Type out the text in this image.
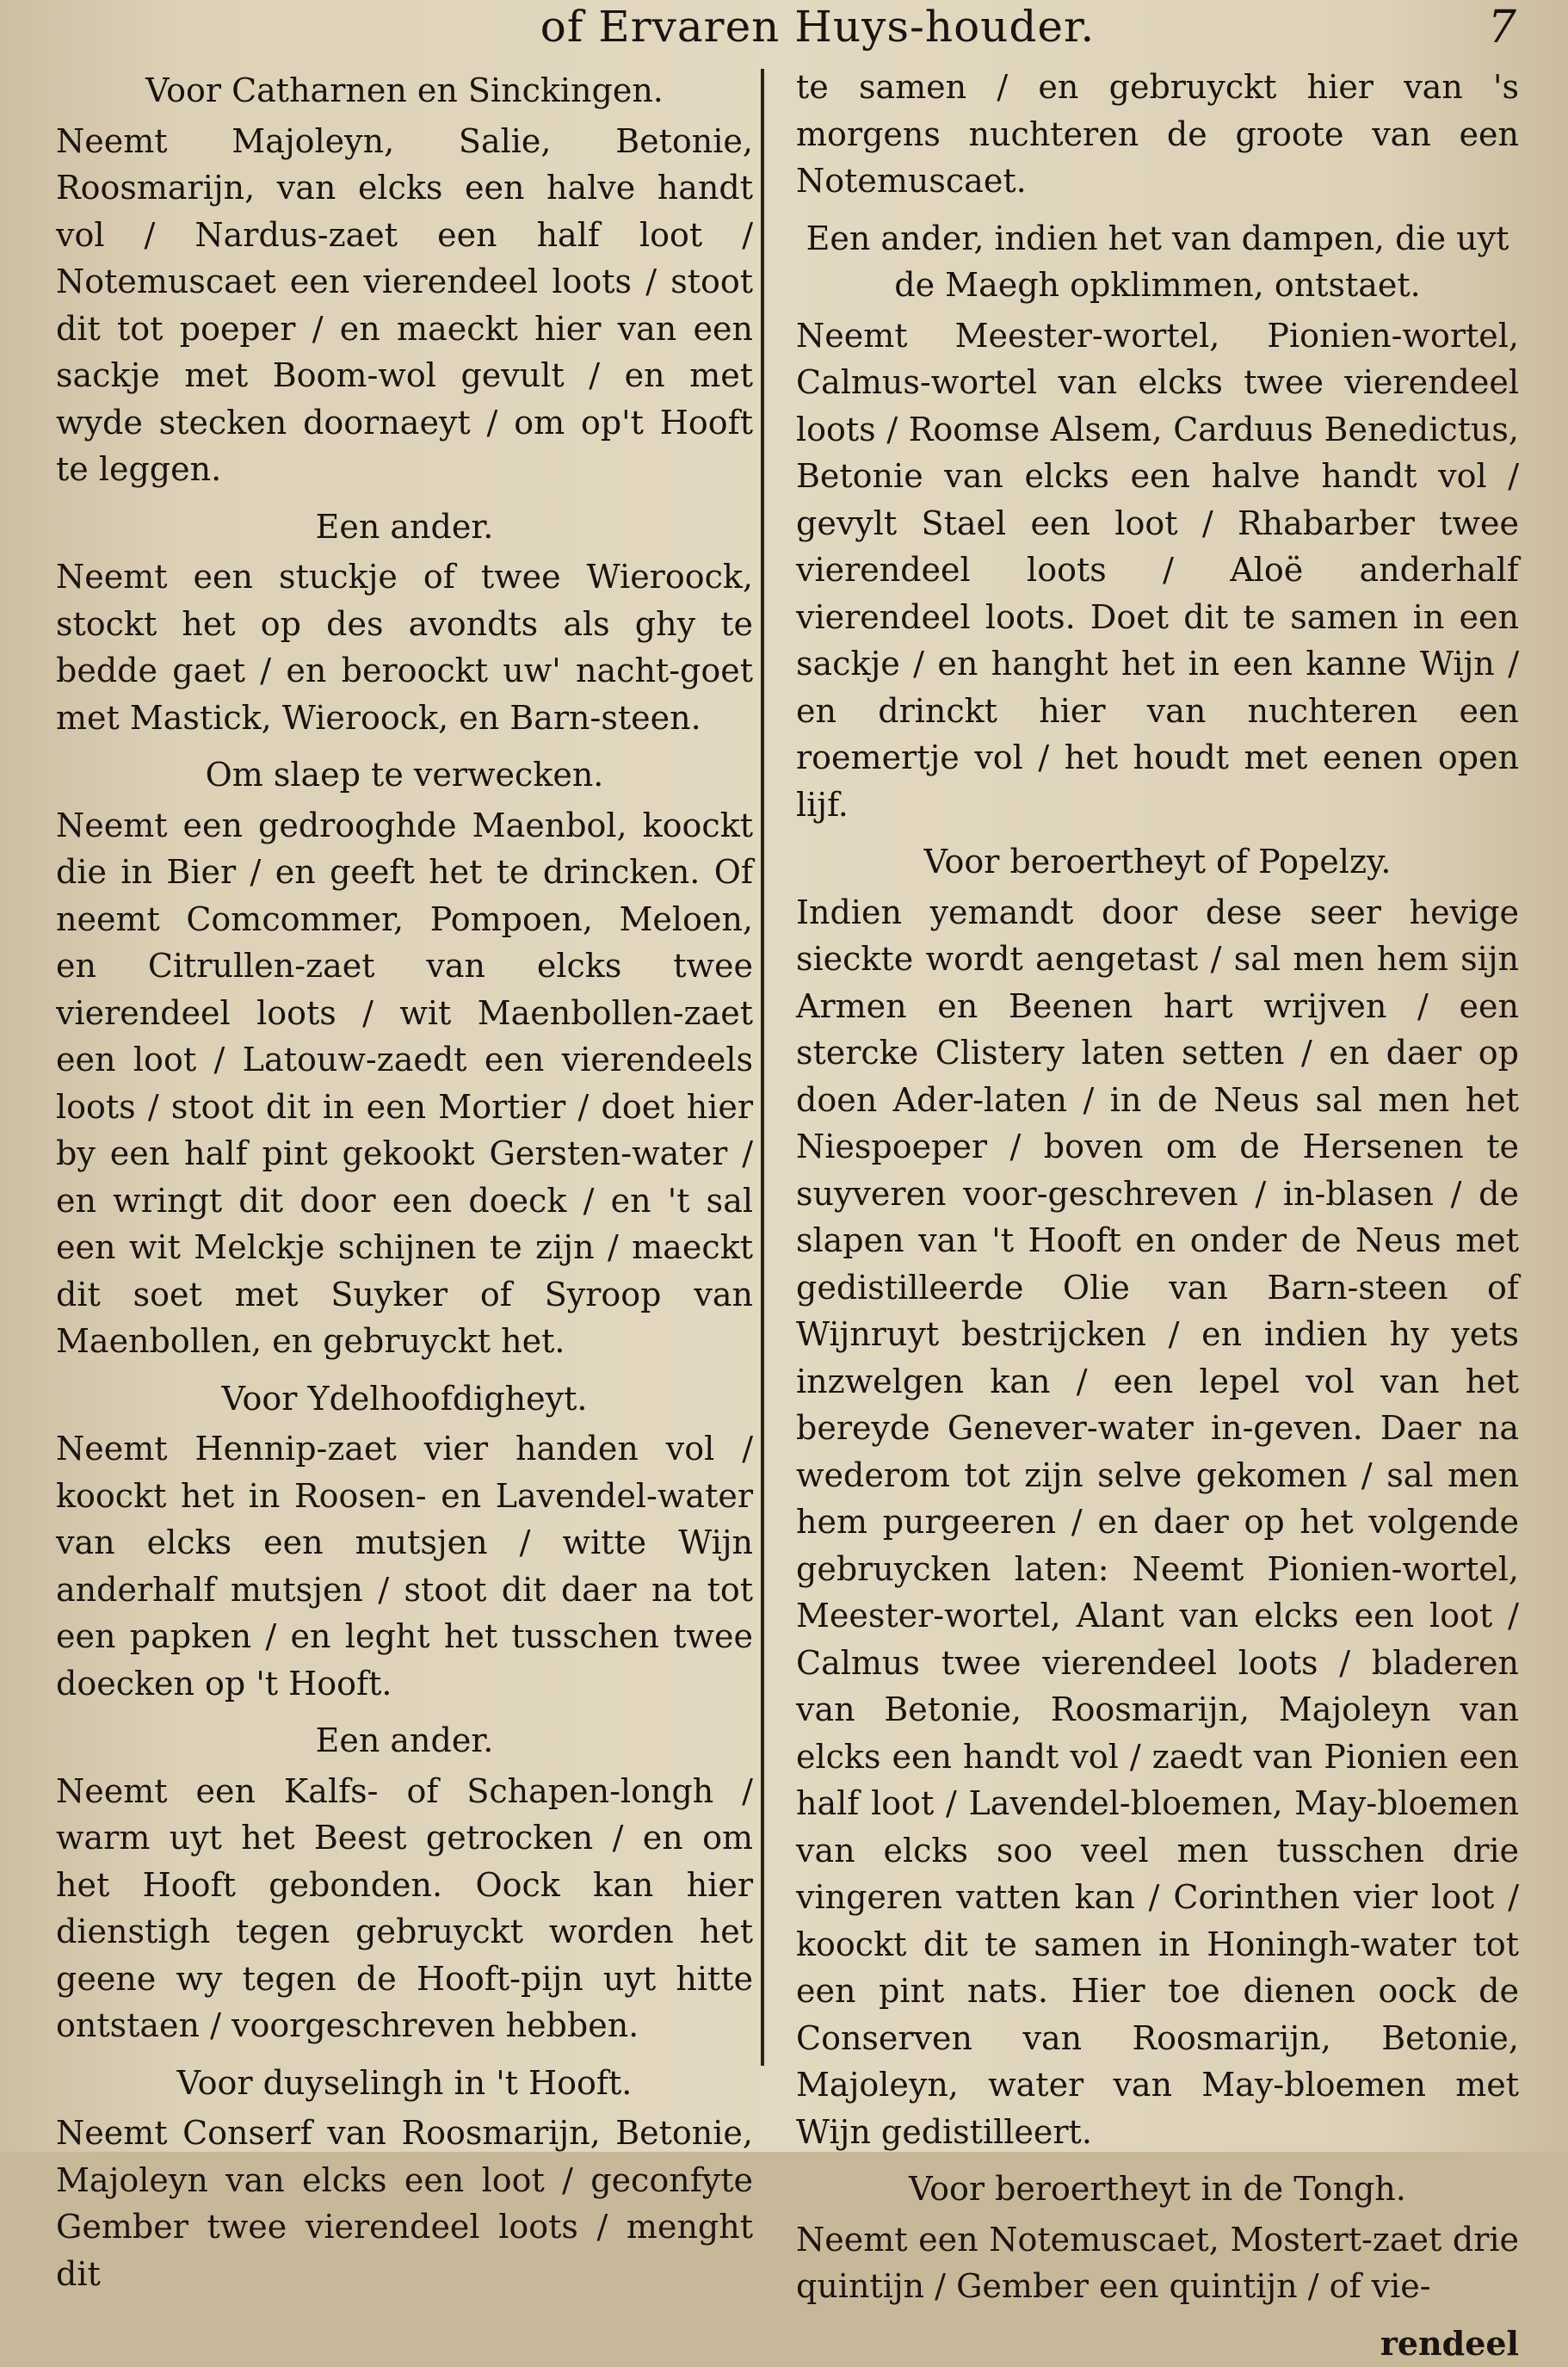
of Ervaren Huys-houder.	7
Voor Catharnen en Sinckingen.

Neemt Majoleyn, Salie, Betonie, Roosmarijn, van elcks een halve handt vol / Nardus-zaet een half loot / Notemuscaet een vierendeel loots / stoot dit tot poeper / en maeckt hier van een sackje met Boom-wol gevult / en met wyde stecken doornaeyt / om op't Hooft te leggen.

Een ander.

Neemt een stuckje of twee Wieroock, stockt het op des avondts als ghy te bedde gaet / en beroockt uw' nacht-goet met Mastick, Wieroock, en Barn-steen.

Om slaep te verwecken.

Neemt een gedrooghde Maenbol, koockt die in Bier / en geeft het te drincken. Of neemt Comcommer, Pompoen, Meloen, en Citrullen-zaet van elcks twee vierendeel loots / wit Maenbollen-zaet een loot / Latouw-zaedt een vierendeels loots / stoot dit in een Mortier / doet hier by een half pint gekookt Gersten-water / en wringt dit door een doeck / en 't sal een wit Melckje schijnen te zijn / maeckt dit soet met Suyker of Syroop van Maenbollen, en gebruyckt het.

Voor Ydelhoofdigheyt.

Neemt Hennip-zaet vier handen vol / koockt het in Roosen- en Lavendel-water van elcks een mutsjen / witte Wijn anderhalf mutsjen / stoot dit daer na tot een papken / en leght het tusschen twee doecken op 't Hooft.

Een ander.

Neemt een Kalfs- of Schapen-longh / warm uyt het Beest getrocken / en om het Hooft gebonden. Oock kan hier dienstigh tegen gebruyckt worden het geene wy tegen de Hooft-pijn uyt hitte ontstaen / voorgeschreven hebben.

Voor duyselingh in 't Hooft.

Neemt Conserf van Roosmarijn, Betonie, Majoleyn van elcks een loot / geconfyte Gember twee vierendeel loots / menght dit

te samen / en gebruyckt hier van 's morgens nuchteren de groote van een Notemuscaet.

Een ander, indien het van dampen, die uyt de Maegh opklimmen, ontstaet.

Neemt Meester-wortel, Pionien-wortel, Calmus-wortel van elcks twee vierendeel loots / Roomse Alsem, Carduus Benedictus, Betonie van elcks een halve handt vol / gevylt Stael een loot / Rhabarber twee vierendeel loots / Aloë anderhalf vierendeel loots. Doet dit te samen in een sackje / en hanght het in een kanne Wijn / en drinckt hier van nuchteren een roemertje vol / het houdt met eenen open lijf.

Voor beroertheyt of Popelzy.

Indien yemandt door dese seer hevige sieckte wordt aengetast / sal men hem sijn Armen en Beenen hart wrijven / een stercke Clistery laten setten / en daer op doen Ader-laten / in de Neus sal men het Niespoeper / boven om de Hersenen te suyveren voor-geschreven / in-blasen / de slapen van 't Hooft en onder de Neus met gedistilleerde Olie van Barn-steen of Wijnruyt bestrijcken / en indien hy yets inzwelgen kan / een lepel vol van het bereyde Genever-water in-geven. Daer na wederom tot zijn selve gekomen / sal men hem purgeeren / en daer op het volgende gebruycken laten: Neemt Pionien-wortel, Meester-wortel, Alant van elcks een loot / Calmus twee vierendeel loots / bladeren van Betonie, Roosmarijn, Majoleyn van elcks een handt vol / zaedt van Pionien een half loot / Lavendel-bloemen, May-bloemen van elcks soo veel men tusschen drie vingeren vatten kan / Corinthen vier loot / koockt dit te samen in Honingh-water tot een pint nats. Hier toe dienen oock de Conserven van Roosmarijn, Betonie, Majoleyn, water van May-bloemen met Wijn gedistilleert.

Voor beroertheyt in de Tongh.

Neemt een Notemuscaet, Mostert-zaet drie quintijn / Gember een quintijn / of vie-

rendeel
